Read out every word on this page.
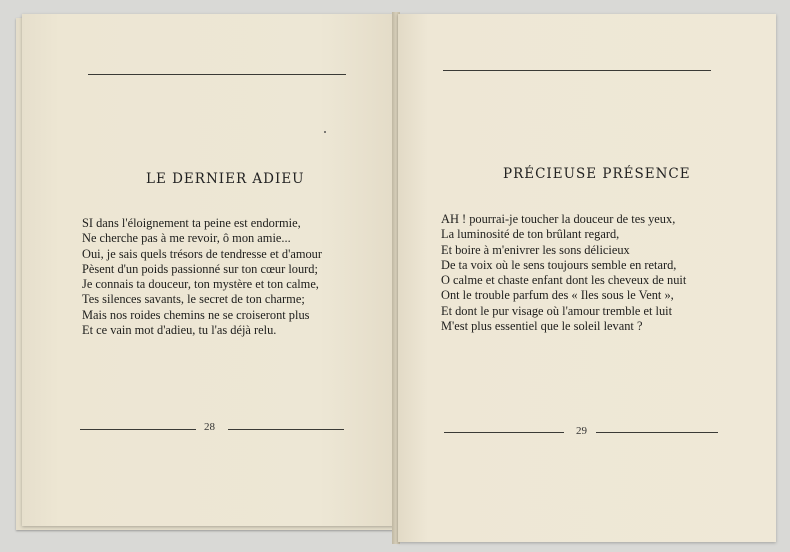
LE DERNIER ADIEU
SI dans l'éloignement ta peine est endormie,
Ne cherche pas à me revoir, ô mon amie...
Oui, je sais quels trésors de tendresse et d'amour
Pèsent d'un poids passionné sur ton cœur lourd;
Je connais ta douceur, ton mystère et ton calme,
Tes silences savants, le secret de ton charme;
Mais nos roides chemins ne se croiseront plus
Et ce vain mot d'adieu, tu l'as déjà relu.
28
PRÉCIEUSE PRÉSENCE
AH ! pourrai-je toucher la douceur de tes yeux,
La luminosité de ton brûlant regard,
Et boire à m'enivrer les sons délicieux
De ta voix où le sens toujours semble en retard,
O calme et chaste enfant dont les cheveux de nuit
Ont le trouble parfum des « Iles sous le Vent »,
Et dont le pur visage où l'amour tremble et luit
M'est plus essentiel que le soleil levant ?
29
